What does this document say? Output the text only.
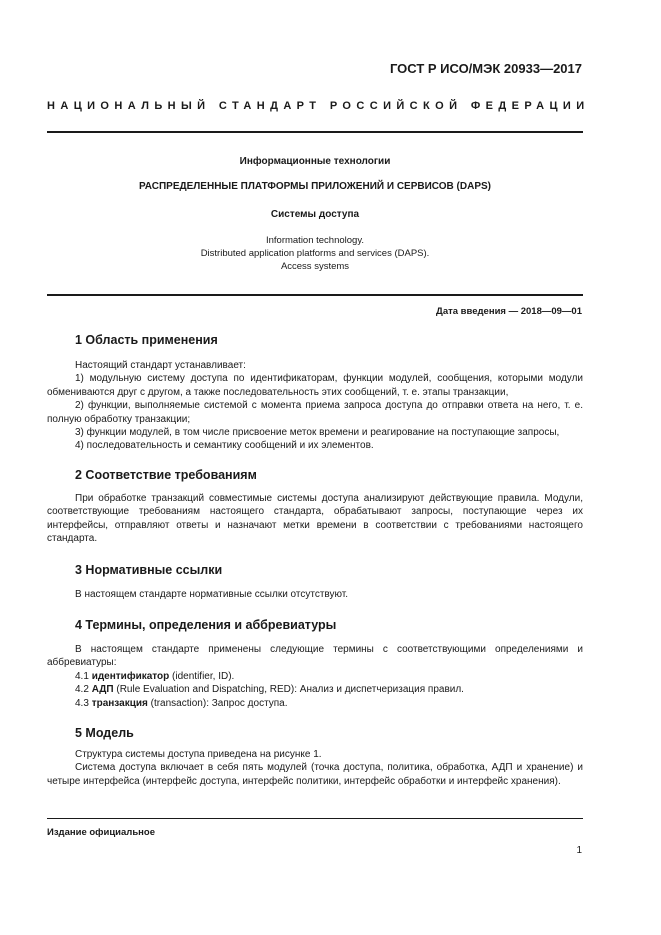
ГОСТ Р ИСО/МЭК 20933—2017
НАЦИОНАЛЬНЫЙ СТАНДАРТ РОССИЙСКОЙ ФЕДЕРАЦИИ
Информационные технологии
РАСПРЕДЕЛЕННЫЕ ПЛАТФОРМЫ ПРИЛОЖЕНИЙ И СЕРВИСОВ (DAPS)
Системы доступа
Information technology.
Distributed application platforms and services (DAPS).
Access systems
Дата введения — 2018—09—01
1 Область применения

Настоящий стандарт устанавливает:

1) модульную систему доступа по идентификаторам, функции модулей, сообщения, которыми модули обмениваются друг с другом, а также последовательность этих сообщений, т. е. этапы транзакции,

2) функции, выполняемые системой с момента приема запроса доступа до отправки ответа на него, т. е. полную обработку транзакции;

3) функции модулей, в том числе присвоение меток времени и реагирование на поступающие запросы,

4) последовательность и семантику сообщений и их элементов.

2 Соответствие требованиям

При обработке транзакций совместимые системы доступа анализируют действующие правила. Модули, соответствующие требованиям настоящего стандарта, обрабатывают запросы, поступающие через их интерфейсы, отправляют ответы и назначают метки времени в соответствии с требованиями настоящего стандарта.

3 Нормативные ссылки

В настоящем стандарте нормативные ссылки отсутствуют.

4 Термины, определения и аббревиатуры

В настоящем стандарте применены следующие термины с соответствующими определениями и аббревиатуры:

4.1 идентификатор (identifier, ID).

4.2 АДП (Rule Evaluation and Dispatching, RED): Анализ и диспетчеризация правил.

4.3 транзакция (transaction): Запрос доступа.

5 Модель

Структура системы доступа приведена на рисунке 1.

Система доступа включает в себя пять модулей (точка доступа, политика, обработка, АДП и хранение) и четыре интерфейса (интерфейс доступа, интерфейс политики, интерфейс обработки и интерфейс хранения).

Издание официальное
1
